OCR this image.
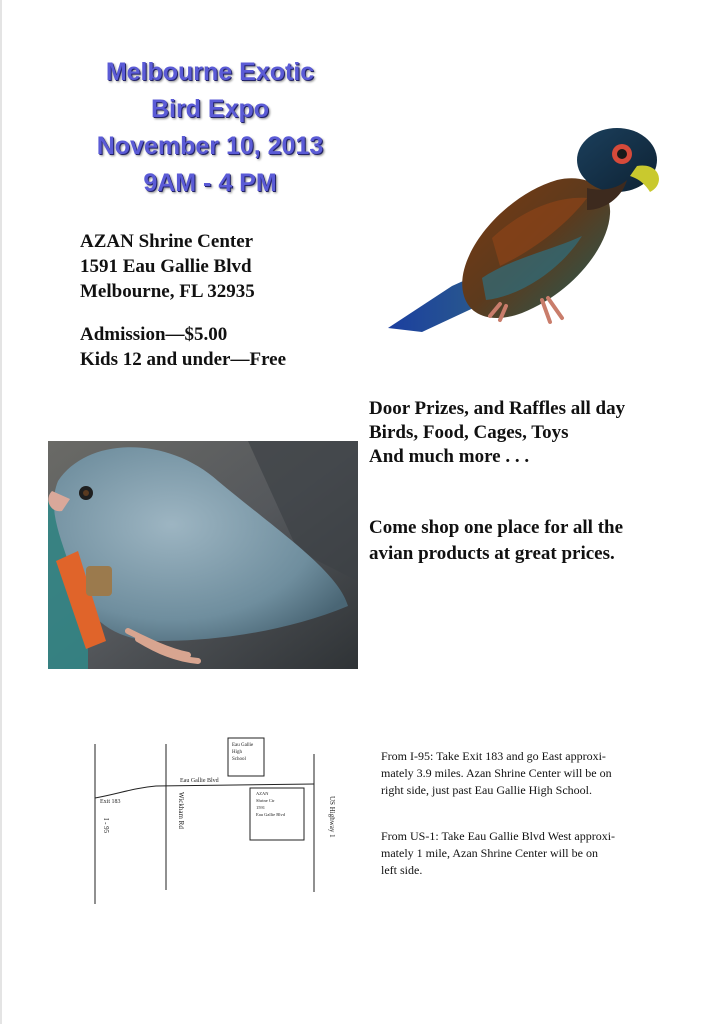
Melbourne Exotic
Bird Expo
November 10, 2013
9AM - 4 PM
AZAN Shrine Center
1591 Eau Gallie Blvd
Melbourne, FL 32935
Admission—$5.00
Kids 12 and under—Free
Door Prizes, and Raffles all day
Birds, Food, Cages, Toys
And much more . . .
Come shop one place for all the
avian products at great prices.
Eau Gallie
High
School
Eau Gallie Blvd
Exit 183
I - 95	Wickham Rd	AZAN
Shrine Ctr
1591
Eau Gallie Blvd	US Highway 1
From I-95: Take Exit 183 and go East approxi-
mately 3.9 miles. Azan Shrine Center will be on
right side, just past Eau Gallie High School.
From US-1: Take Eau Gallie Blvd West approxi-
mately 1 mile, Azan Shrine Center will be on
left side.
